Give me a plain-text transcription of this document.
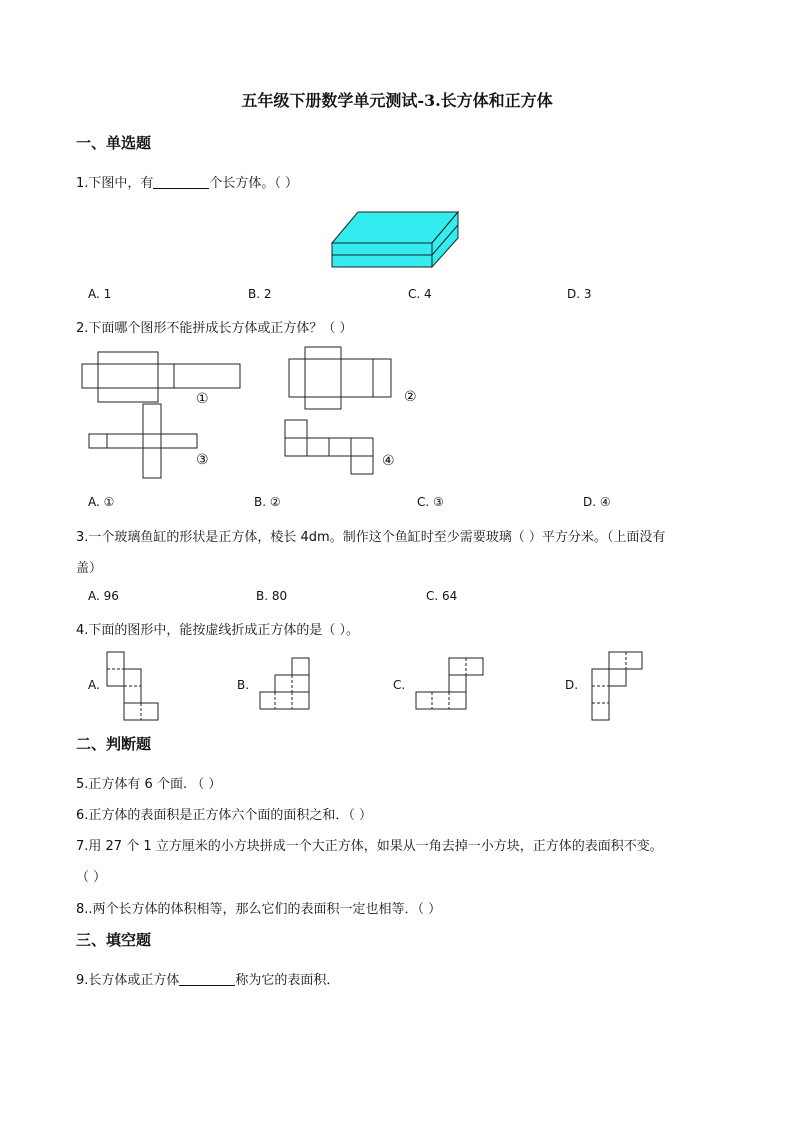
五年级下册数学单元测试-3.长方体和正方体
一、单选题
1.下图中，有	个长方体。（ ）
A. 1	B. 2	C. 4	D. 3
2.下面哪个图形不能拼成长方体或正方体？（ ）
①	②
③	④
A. ①	B. ②	C. ③	D. ④
3.一个玻璃鱼缸的形状是正方体，棱长 4dm。制作这个鱼缸时至少需要玻璃（ ）平方分米。（上面没有
盖）
A. 96	B. 80	C. 64
4.下面的图形中，能按虚线折成正方体的是（ ）。
A.	B.	C.	D.
二、判断题
5.正方体有 6 个面. （ ）
6.正方体的表面积是正方体六个面的面积之和．（ ）
7.用 27 个 1 立方厘米的小方块拼成一个大正方体，如果从一角去掉一小方块，正方体的表面积不变。
（ ）
8..两个长方体的体积相等，那么它们的表面积一定也相等．（ ）
三、填空题
9.长方体或正方体	称为它的表面积．
